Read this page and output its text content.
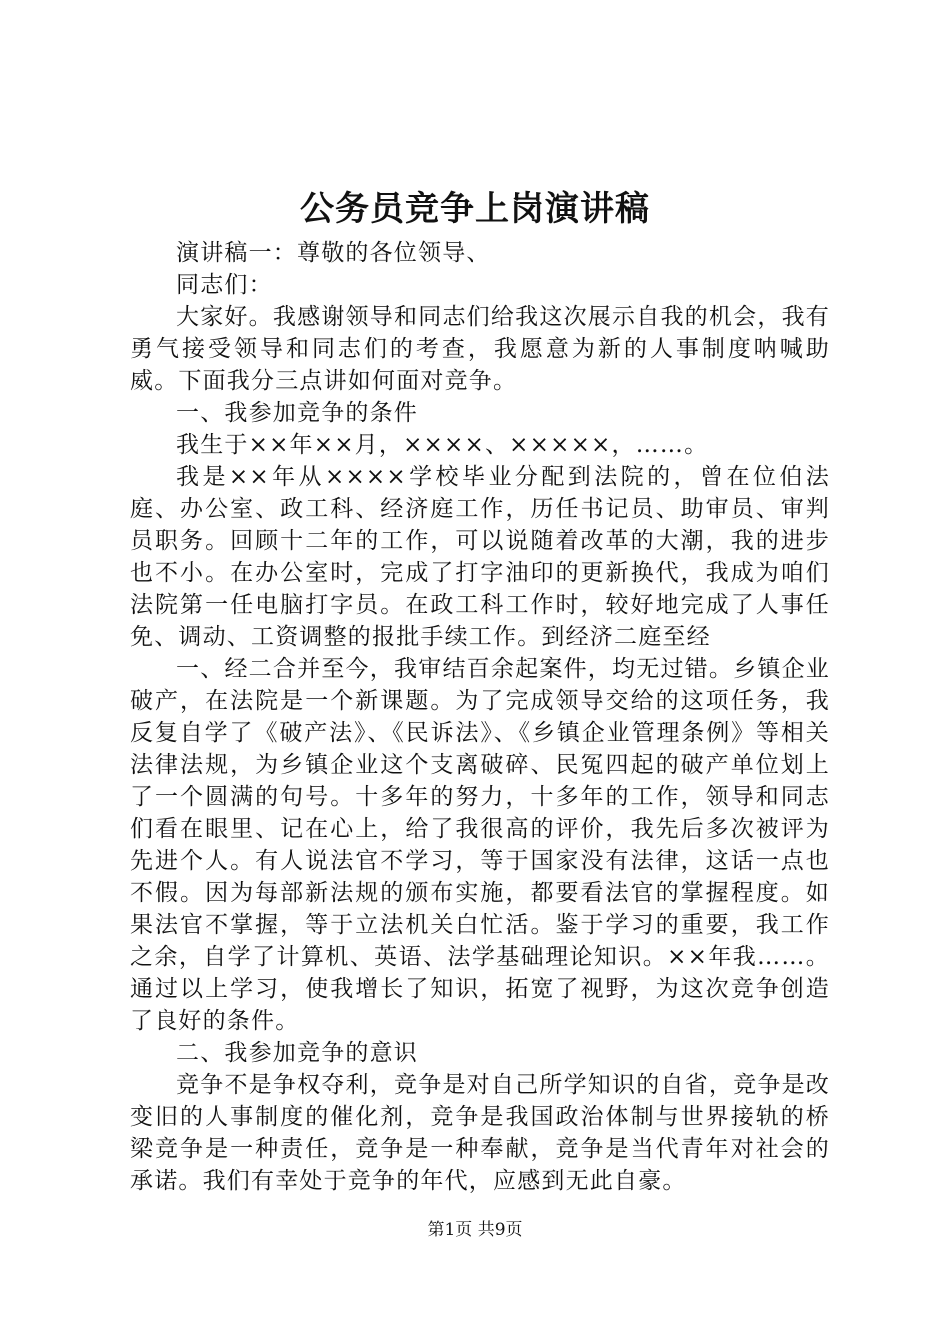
公务员竞争上岗演讲稿

演讲稿一：尊敬的各位领导、

同志们：

大家好。我感谢领导和同志们给我这次展示自我的机会，我有勇气接受领导和同志们的考查，我愿意为新的人事制度呐喊助威。下面我分三点讲如何面对竞争。

一、我参加竞争的条件

我生于××年××月，××××、×××××，……。

我是××年从××××学校毕业分配到法院的，曾在位伯法庭、办公室、政工科、经济庭工作，历任书记员、助审员、审判员职务。回顾十二年的工作，可以说随着改革的大潮，我的进步也不小。在办公室时，完成了打字油印的更新换代，我成为咱们法院第一任电脑打字员。在政工科工作时，较好地完成了人事任免、调动、工资调整的报批手续工作。到经济二庭至经

一、经二合并至今，我审结百余起案件，均无过错。乡镇企业破产，在法院是一个新课题。为了完成领导交给的这项任务，我反复自学了《破产法》、《民诉法》、《乡镇企业管理条例》等相关法律法规，为乡镇企业这个支离破碎、民冤四起的破产单位划上了一个圆满的句号。十多年的努力，十多年的工作，领导和同志们看在眼里、记在心上，给了我很高的评价，我先后多次被评为先进个人。有人说法官不学习，等于国家没有法律，这话一点也不假。因为每部新法规的颁布实施，都要看法官的掌握程度。如果法官不掌握，等于立法机关白忙活。鉴于学习的重要，我工作之余，自学了计算机、英语、法学基础理论知识。××年我……。通过以上学习，使我增长了知识，拓宽了视野，为这次竞争创造了良好的条件。

二、我参加竞争的意识

竞争不是争权夺利，竞争是对自己所学知识的自省，竞争是改变旧的人事制度的催化剂，竞争是我国政治体制与世界接轨的桥梁竞争是一种责任，竞争是一种奉献，竞争是当代青年对社会的承诺。我们有幸处于竞争的年代，应感到无此自豪。

第1页 共9页
